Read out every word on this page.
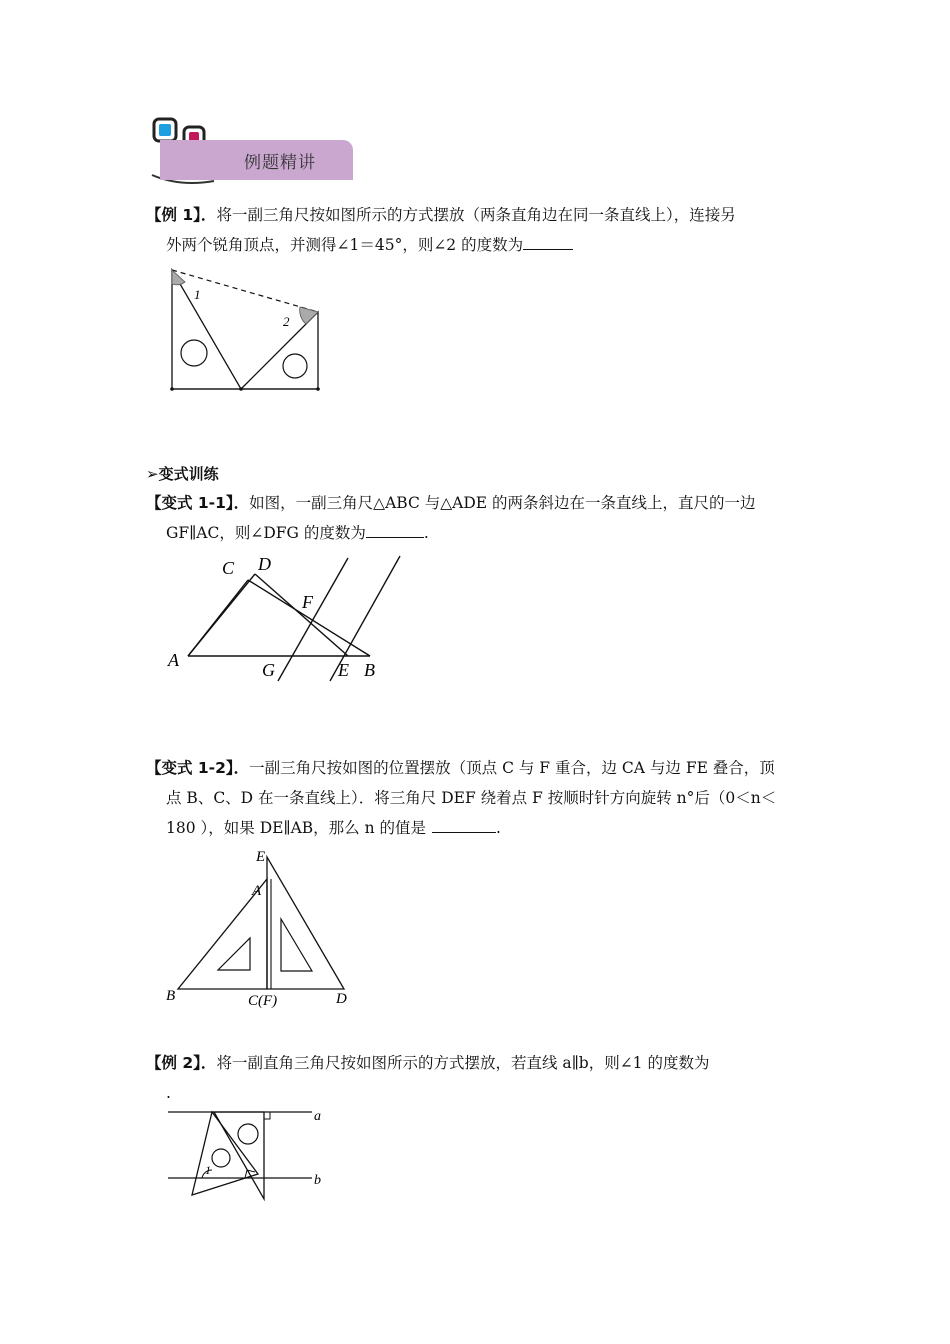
例题精讲
【例 1】．将一副三角尺按如图所示的方式摆放（两条直角边在同一条直线上），连接另
外两个锐角顶点，并测得∠1＝45°，则∠2 的度数为
1
2
➢变式训练
【变式 1-1】．如图，一副三角尺△ABC 与△ADE 的两条斜边在一条直线上，直尺的一边
GF∥AC，则∠DFG 的度数为	.
A
C D
F
G	E B
【变式 1-2】．一副三角尺按如图的位置摆放（顶点 C 与 F 重合，边 CA 与边 FE 叠合，顶
点 B、C、D 在一条直线上）．将三角尺 DEF 绕着点 F 按顺时针方向旋转 n°后（0＜n＜
180 ），如果 DE∥AB，那么 n 的值是	.
E
A
B	C(F)	D
【例 2】．将一副直角三角尺按如图所示的方式摆放，若直线 a∥b，则∠1 的度数为
.
a
b
1
